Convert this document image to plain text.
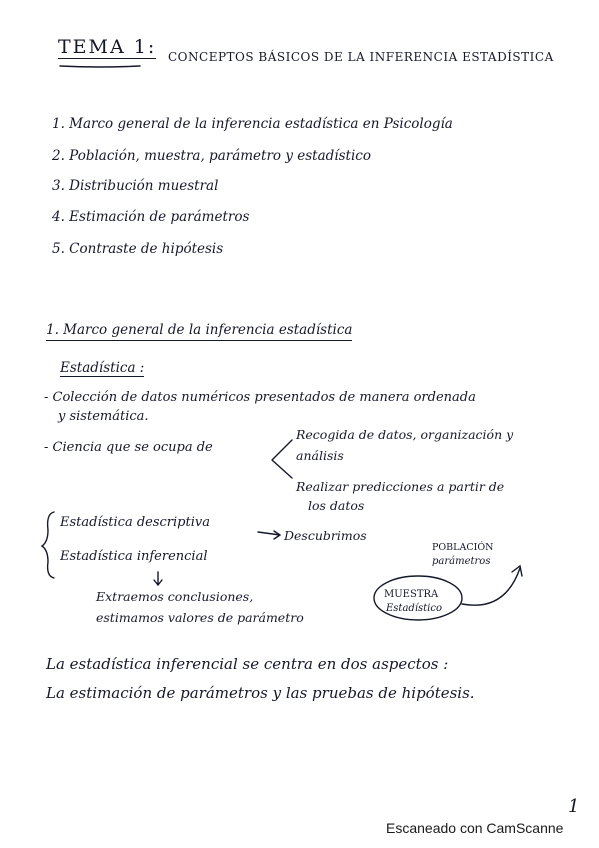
TEMA 1: CONCEPTOS BÁSICOS DE LA INFERENCIA ESTADÍSTICA
1. Marco general de la inferencia estadística en Psicología
2. Población, muestra, parámetro y estadístico
3. Distribución muestral
4. Estimación de parámetros
5. Contraste de hipótesis
1. Marco general de la inferencia estadística
Estadística :
- Colección de datos numéricos presentados de manera ordenada
y sistemática.
- Ciencia que se ocupa de
Recogida de datos, organización y
análisis
Realizar predicciones a partir de
los datos
Estadística descriptiva
Descubrimos
Estadística inferencial
Extraemos conclusiones,
estimamos valores de parámetro
POBLACIÓN
parámetros
MUESTRA
Estadístico
La estadística inferencial se centra en dos aspectos :
La estimación de parámetros y las pruebas de hipótesis.
1
Escaneado con CamScanne
